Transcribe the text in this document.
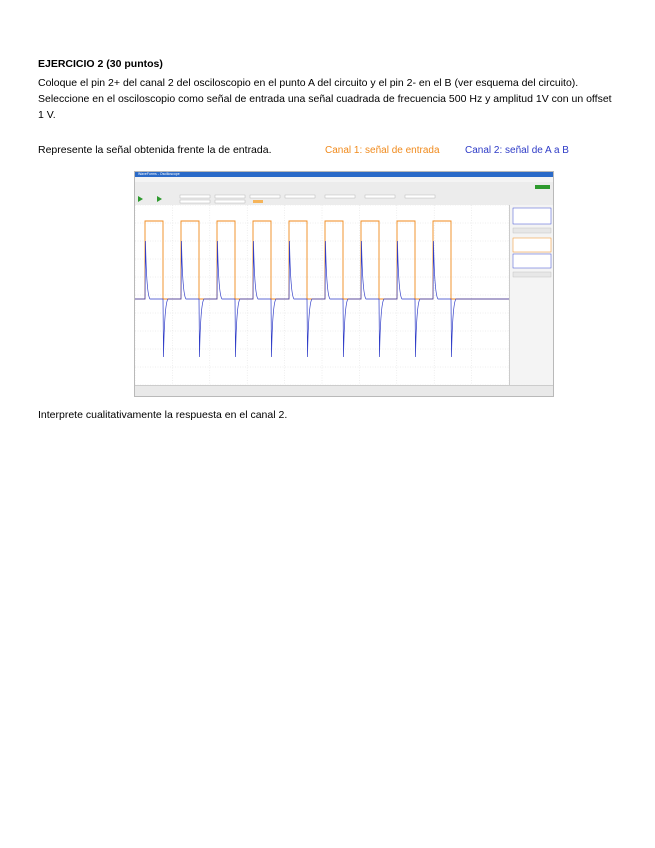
EJERCICIO 2 (30 puntos)
Coloque el pin 2+ del canal 2 del osciloscopio en el punto A del circuito y el pin 2- en el B (ver esquema del circuito). Seleccione en el osciloscopio como señal de entrada una señal cuadrada de frecuencia 500 Hz y amplitud 1V con un offset 1 V.
Represente la señal obtenida frente la de entrada.	Canal 1: señal de entrada	Canal 2: señal de A a B
WaveForms - Oscilloscope
Interprete cualitativamente la respuesta en el canal 2.
